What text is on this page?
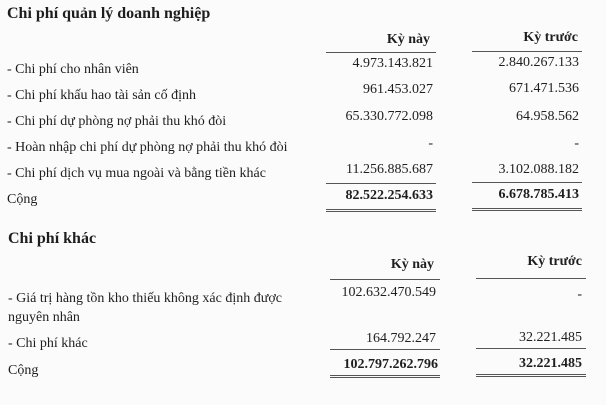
Chi phí quản lý doanh nghiệp
Kỳ này	Kỳ trước
- Chi phí cho nhân viên	4.973.143.821	2.840.267.133
- Chi phí khấu hao tài sản cố định	961.453.027	671.471.536
- Chi phí dự phòng nợ phải thu khó đòi	65.330.772.098	64.958.562
- Hoàn nhập chi phí dự phòng nợ phải thu khó đòi	-	-
- Chi phí dịch vụ mua ngoài và bằng tiền khác	11.256.885.687	3.102.088.182
Cộng	82.522.254.633	6.678.785.413
Chi phí khác
Kỳ này	Kỳ trước
- Giá trị hàng tồn kho thiếu không xác định được
nguyên nhân
102.632.470.549	-
- Chi phí khác	164.792.247	32.221.485
Cộng	102.797.262.796	32.221.485
